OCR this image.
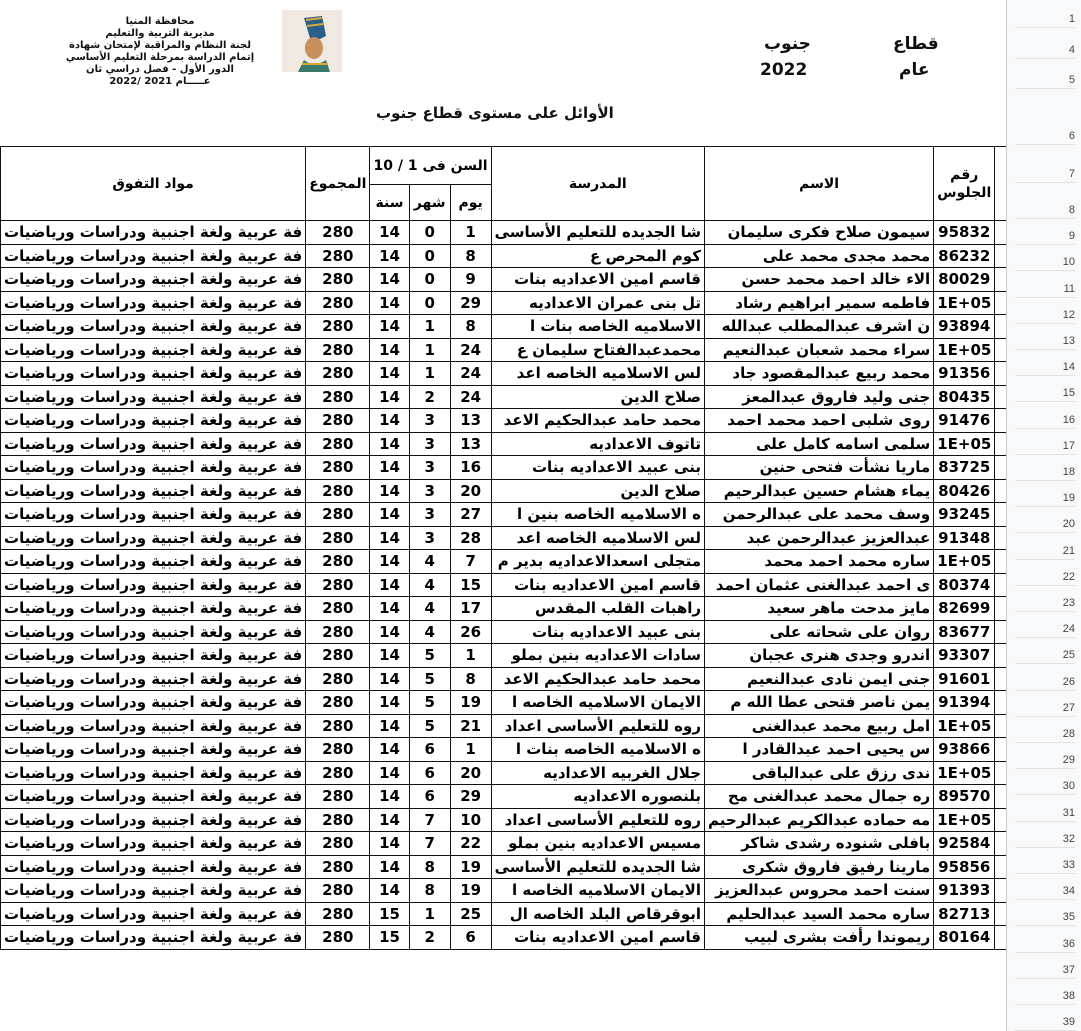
محافظة المنيا
مديرية التربية والتعليم
لجنة النظام والمراقبة لإمتحان شهادة
إتمام الدراسة بمرحلة التعليم الأساسي
الدور الأول - فصل دراسي ثان
عـــــام 2021 /2022
قطاع
جنوب
عام
2022
الأوائل على مستوى قطاع جنوب
مواد التفوق	المجموع	السن فى 1 / 10			المدرسة	الاسم	رقم الجلوس	

		سنة	شهر	يوم				
فة عربية ولغة اجنبية ودراسات ورياضيات	280	14	0	1	شا الجديده للتعليم الأساسى	سيمون صلاح فكرى سليمان	95832	
فة عربية ولغة اجنبية ودراسات ورياضيات	280	14	0	8	كوم المحرص ع	محمد مجدى محمد على	86232	
فة عربية ولغة اجنبية ودراسات ورياضيات	280	14	0	9	قاسم امين الاعداديه بنات	الاء خالد احمد محمد حسن	80029	
فة عربية ولغة اجنبية ودراسات ورياضيات	280	14	0	29	تل بنى عمران الاعداديه	فاطمه سمير ابراهيم رشاد	1E+05	
فة عربية ولغة اجنبية ودراسات ورياضيات	280	14	1	8	الاسلاميه الخاصه بنات ا	ن اشرف عبدالمطلب عبدالله	93894	
فة عربية ولغة اجنبية ودراسات ورياضيات	280	14	1	24	محمدعبدالفتاح سليمان ع	سراء محمد شعبان عبدالنعيم	1E+05	
فة عربية ولغة اجنبية ودراسات ورياضيات	280	14	1	24	لس الاسلاميه الخاصه اعد	محمد ربيع عبدالمقصود جاد	91356	
فة عربية ولغة اجنبية ودراسات ورياضيات	280	14	2	24	صلاح الدين	جنى وليد فاروق عبدالمعز	80435	
فة عربية ولغة اجنبية ودراسات ورياضيات	280	14	3	13	محمد حامد عبدالحكيم الاعد	روى شلبى احمد محمد احمد	91476	
فة عربية ولغة اجنبية ودراسات ورياضيات	280	14	3	13	تاتوف الاعداديه	سلمى اسامه كامل على	1E+05	
فة عربية ولغة اجنبية ودراسات ورياضيات	280	14	3	16	بنى عبيد الاعداديه بنات	ماريا نشأت فتحى حنين	83725	
فة عربية ولغة اجنبية ودراسات ورياضيات	280	14	3	20	صلاح الدين	يماء هشام حسين عبدالرحيم	80426	
فة عربية ولغة اجنبية ودراسات ورياضيات	280	14	3	27	ه الاسلاميه الخاصه بنين ا	وسف محمد على عبدالرحمن	93245	
فة عربية ولغة اجنبية ودراسات ورياضيات	280	14	3	28	لس الاسلاميه الخاصه اعد	عبدالعزيز عبدالرحمن عبد	91348	
فة عربية ولغة اجنبية ودراسات ورياضيات	280	14	4	7	متجلى اسعدالاعداديه بدير م	ساره محمد احمد محمد	1E+05	
فة عربية ولغة اجنبية ودراسات ورياضيات	280	14	4	15	قاسم امين الاعداديه بنات	ى احمد عبدالغنى عثمان احمد	80374	
فة عربية ولغة اجنبية ودراسات ورياضيات	280	14	4	17	راهبات القلب المقدس	مايز مدحت ماهر سعيد	82699	
فة عربية ولغة اجنبية ودراسات ورياضيات	280	14	4	26	بنى عبيد الاعداديه بنات	روان على شحاته على	83677	
فة عربية ولغة اجنبية ودراسات ورياضيات	280	14	5	1	سادات الاعداديه بنين بملو	اندرو وجدى هنرى عجبان	93307	
فة عربية ولغة اجنبية ودراسات ورياضيات	280	14	5	8	محمد حامد عبدالحكيم الاعد	جنى ايمن نادى عبدالنعيم	91601	
فة عربية ولغة اجنبية ودراسات ورياضيات	280	14	5	19	الايمان الاسلاميه الخاصه ا	يمن ناصر فتحى عطا الله م	91394	
فة عربية ولغة اجنبية ودراسات ورياضيات	280	14	5	21	روه للتعليم الأساسى اعداد	امل ربيع محمد عبدالغنى	1E+05	
فة عربية ولغة اجنبية ودراسات ورياضيات	280	14	6	1	ه الاسلاميه الخاصه بنات ا	س يحيى احمد عبدالقادر ا	93866	
فة عربية ولغة اجنبية ودراسات ورياضيات	280	14	6	20	جلال الغربيه الاعداديه	ندى رزق على عبدالباقى	1E+05	
فة عربية ولغة اجنبية ودراسات ورياضيات	280	14	6	29	بلنصوره الاعداديه	ره جمال محمد عبدالغنى مح	89570	
فة عربية ولغة اجنبية ودراسات ورياضيات	280	14	7	10	روه للتعليم الأساسى اعداد	مه حماده عبدالكريم عبدالرحيم	1E+05	
فة عربية ولغة اجنبية ودراسات ورياضيات	280	14	7	22	مسيس الاعداديه بنين بملو	بافلى شنوده رشدى شاكر	92584	
فة عربية ولغة اجنبية ودراسات ورياضيات	280	14	8	19	شا الجديده للتعليم الأساسى	مارينا رفيق فاروق شكرى	95856	
فة عربية ولغة اجنبية ودراسات ورياضيات	280	14	8	19	الايمان الاسلاميه الخاصه ا	سنت احمد محروس عبدالعزيز	91393	
فة عربية ولغة اجنبية ودراسات ورياضيات	280	15	1	25	ابوقرقاص البلد الخاصه ال	ساره محمد السيد عبدالحليم	82713	
فة عربية ولغة اجنبية ودراسات ورياضيات	280	15	2	6	قاسم امين الاعداديه بنات	ريموندا رأفت بشرى لبيب	80164	
1
4
5
6
7
8
9
10
11
12
13
14
15
16
17
18
19
20
21
22
23
24
25
26
27
28
29
30
31
32
33
34
35
36
37
38
39
